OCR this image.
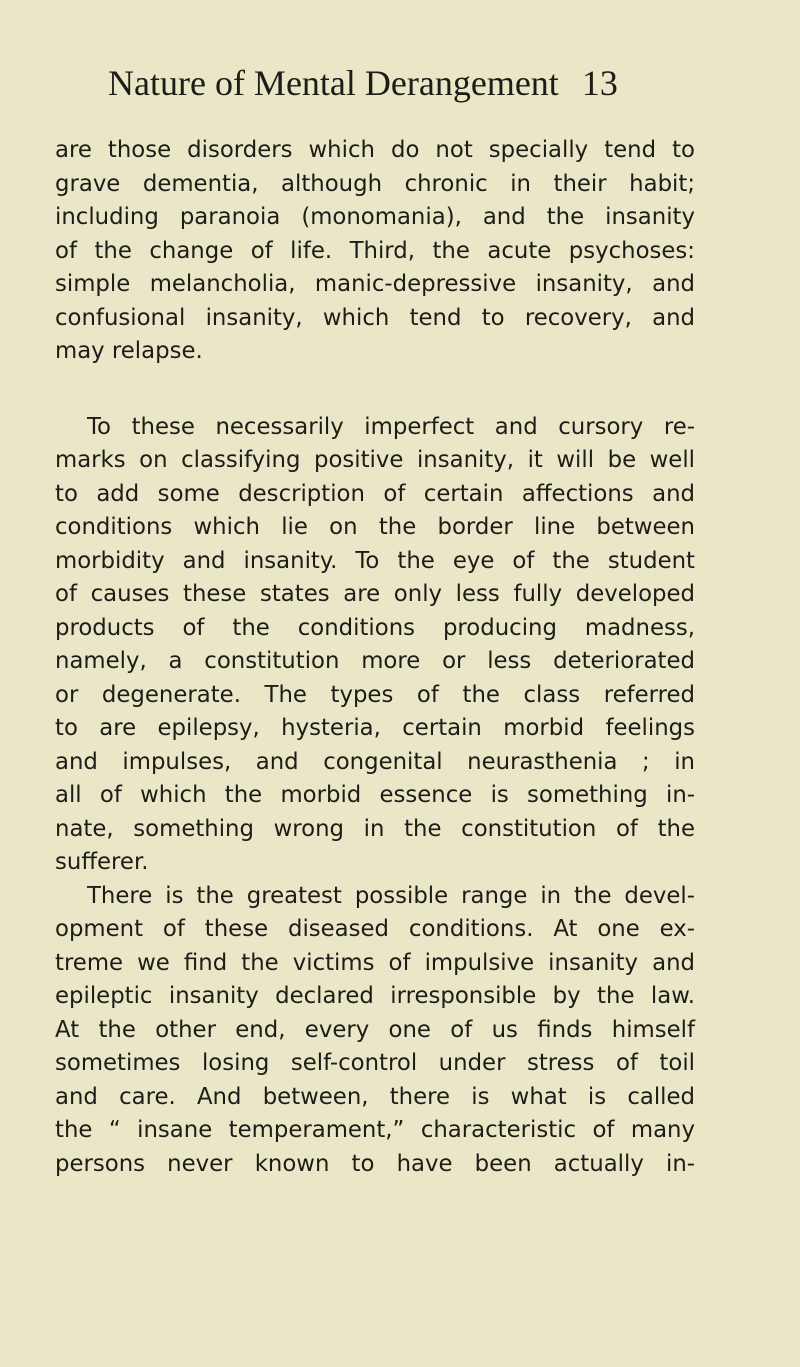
Nature of Mental Derangement 13
are those disorders which do not specially tend to
grave dementia, although chronic in their habit;
including paranoia (monomania), and the insanity
of the change of life. Third, the acute psychoses:
simple melancholia, manic-depressive insanity, and
confusional insanity, which tend to recovery, and
may relapse.
To these necessarily imperfect and cursory re-
marks on classifying positive insanity, it will be well
to add some description of certain affections and
conditions which lie on the border line between
morbidity and insanity. To the eye of the student
of causes these states are only less fully developed
products of the conditions producing madness,
namely, a constitution more or less deteriorated
or degenerate. The types of the class referred
to are epilepsy, hysteria, certain morbid feelings
and impulses, and congenital neurasthenia ; in
all of which the morbid essence is something in-
nate, something wrong in the constitution of the
sufferer.
There is the greatest possible range in the devel-
opment of these diseased conditions. At one ex-
treme we find the victims of impulsive insanity and
epileptic insanity declared irresponsible by the law.
At the other end, every one of us finds himself
sometimes losing self-control under stress of toil
and care. And between, there is what is called
the “ insane temperament,” characteristic of many
persons never known to have been actually in-
